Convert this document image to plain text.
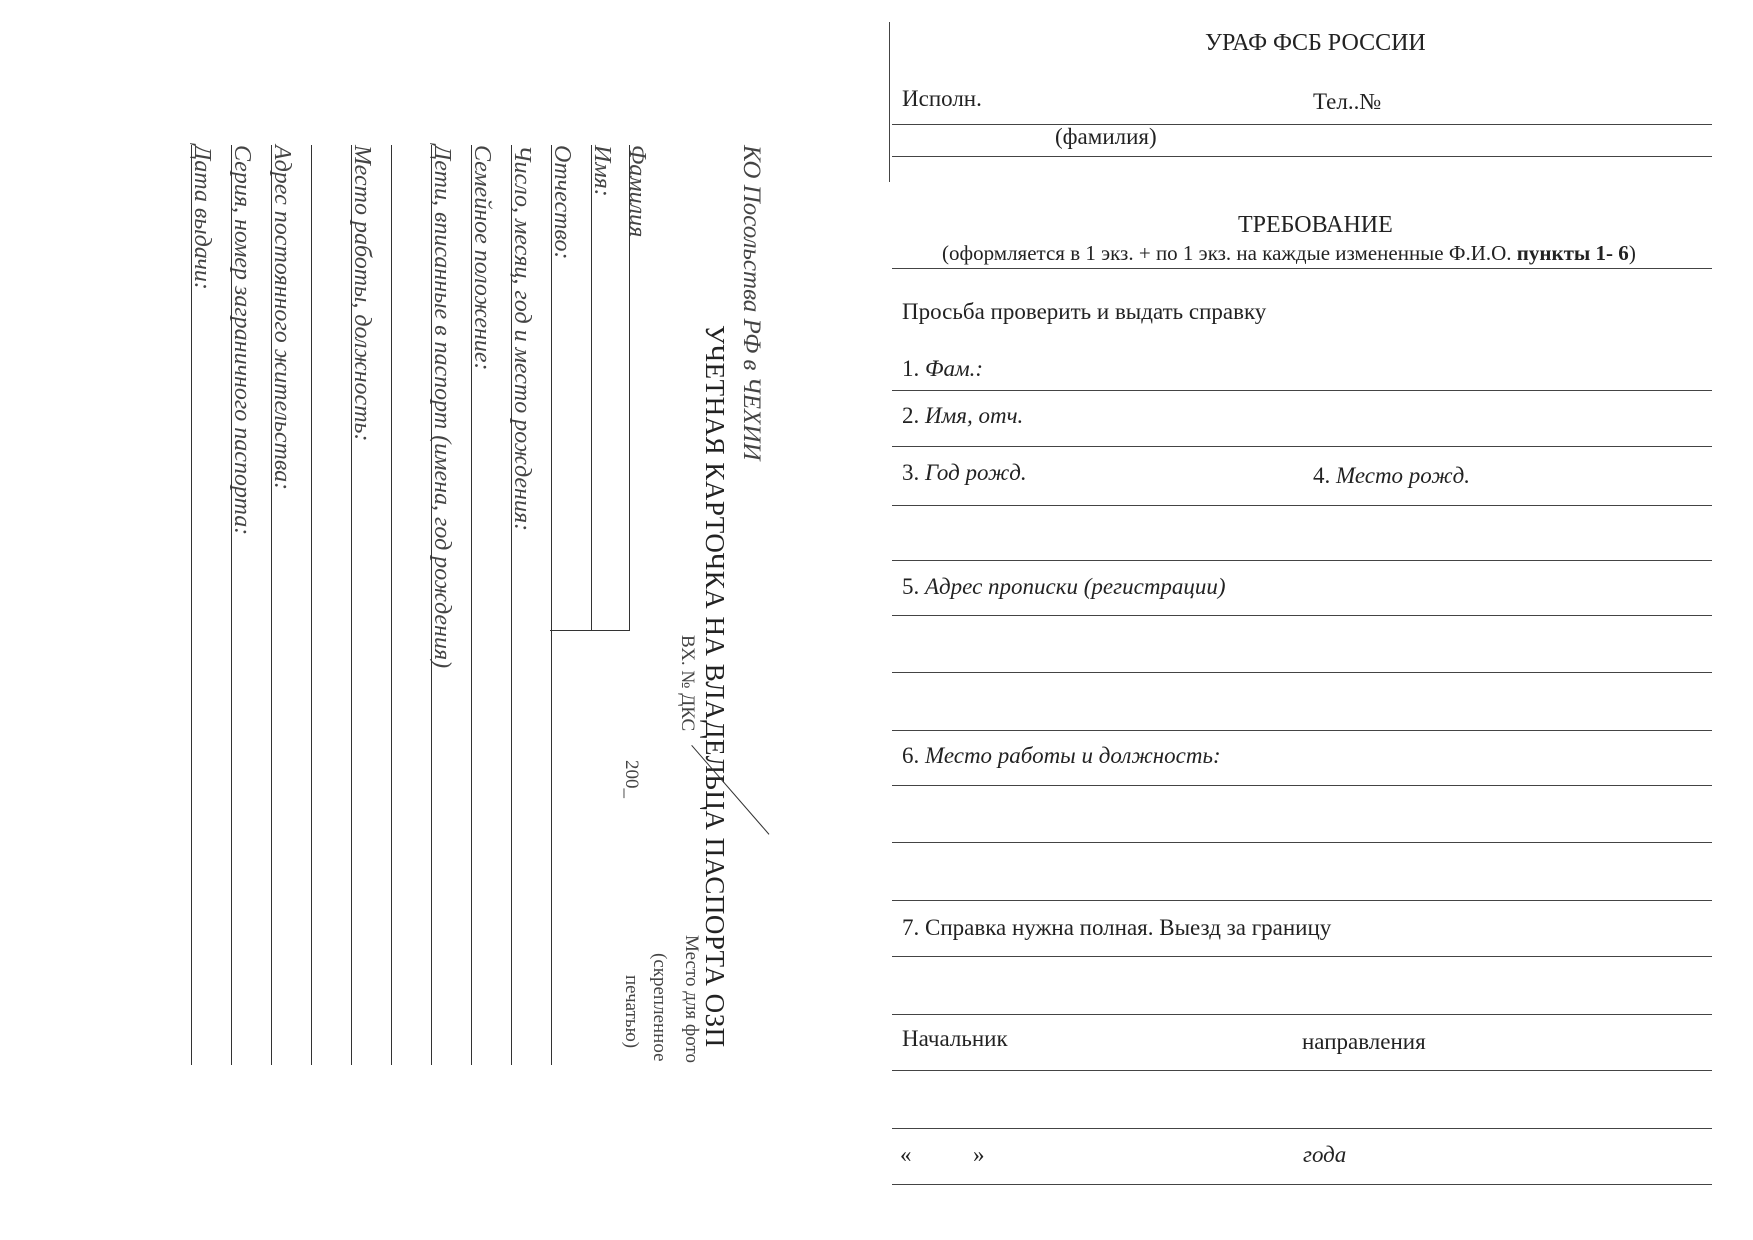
КО Посольства РФ в ЧЕХИИ
УЧЕТНАЯ КАРТОЧКА НА ВЛАДЕЛЬЦА ПАСПОРТА ОЗП
ВХ. № ДКС
200_
Место для фото
(скрепленное
печатью)
Фамилия
Имя:
Отчество:
Число, месяц, год и место рождения:
Семейное положение:
Дети, вписанные в паспорт (имена, год рождения)
Место работы, должность:
Адрес постоянного жительства:
Серия, номер заграничного паспорта:
Дата выдачи:
УРАФ ФСБ РОССИИ
Исполн.	Тел..№
(фамилия)
ТРЕБОВАНИЕ
(оформляется в 1 экз. + по 1 экз. на каждые измененные Ф.И.О. пункты 1- 6)
Просьба проверить и выдать справку
1. Фам.:
2. Имя, отч.
3. Год рожд.	4. Место рожд.
5. Адрес прописки (регистрации)
6. Место работы и должность:
7. Справка нужна полная. Выезд за границу
Начальник	направления
«	»	года
